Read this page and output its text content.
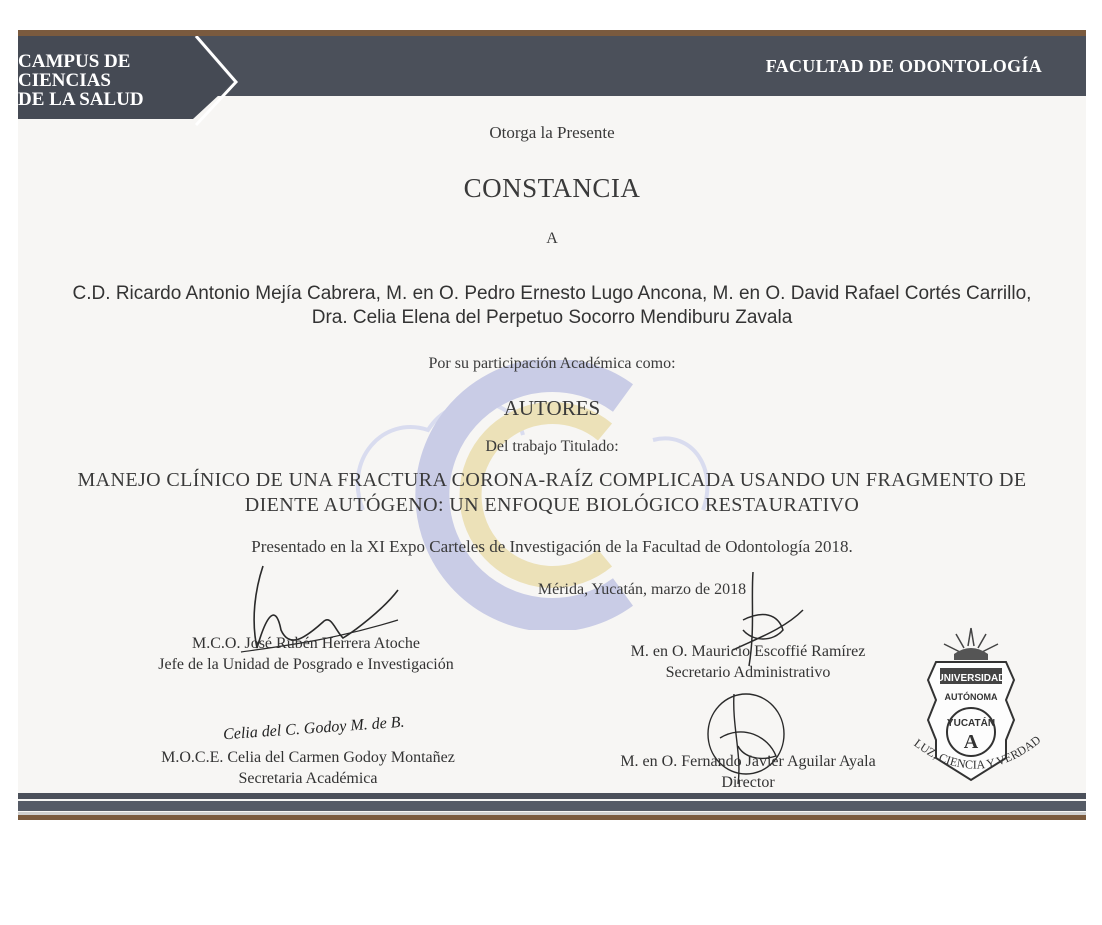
CAMPUS DE
CIENCIAS
DE LA SALUD
FACULTAD DE ODONTOLOGÍA
Otorga la Presente
CONSTANCIA
A
C.D. Ricardo Antonio Mejía Cabrera, M. en O. Pedro Ernesto Lugo Ancona, M. en O. David Rafael Cortés Carrillo, Dra. Celia Elena del Perpetuo Socorro Mendiburu Zavala
Por su participación Académica como:
AUTORES
Del trabajo Titulado:
MANEJO CLÍNICO DE UNA FRACTURA CORONA-RAÍZ COMPLICADA USANDO UN FRAGMENTO DE DIENTE AUTÓGENO: UN ENFOQUE BIOLÓGICO RESTAURATIVO
Presentado en la XI Expo Carteles de Investigación de la Facultad de Odontología 2018.
Mérida, Yucatán, marzo de 2018
Celia del C. Godoy M. de B.
M.C.O. José Rubén Herrera Atoche
Jefe de la Unidad de Posgrado e Investigación
M. en O. Mauricio Escoffié Ramírez
Secretario Administrativo
M.O.C.E. Celia del Carmen Godoy Montañez
Secretaria Académica
M. en O. Fernando Javier Aguilar Ayala
Director
UNIVERSIDAD
AUTÓNOMA
YUCATÁN
A
LUZ, CIENCIA Y VERDAD
